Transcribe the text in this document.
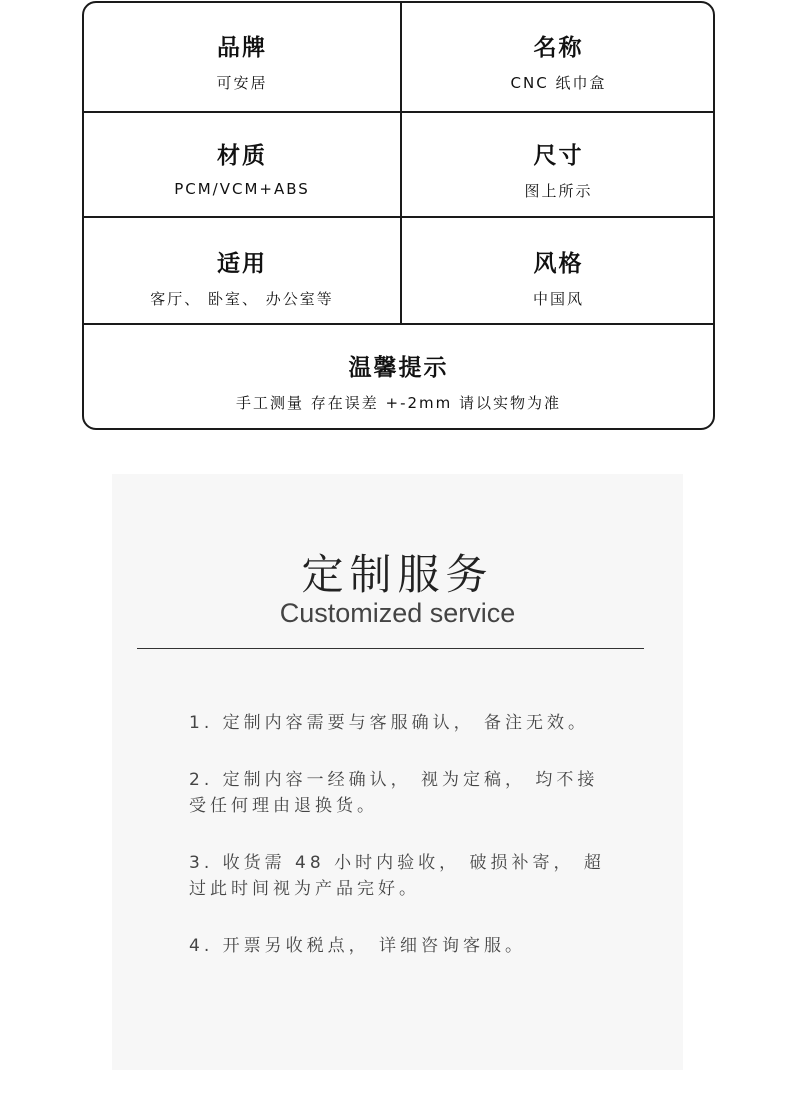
品牌
可安居
名称
CNC 纸巾盒
材质
PCM/VCM+ABS
尺寸
图上所示
适用
客厅、 卧室、 办公室等
风格
中国风
温馨提示
手工测量 存在误差 +-2mm 请以实物为准
定制服务
Customized service
1. 定制内容需要与客服确认， 备注无效。
2. 定制内容一经确认， 视为定稿， 均不接
受任何理由退换货。
3. 收货需 48 小时内验收， 破损补寄， 超
过此时间视为产品完好。
4. 开票另收税点， 详细咨询客服。
